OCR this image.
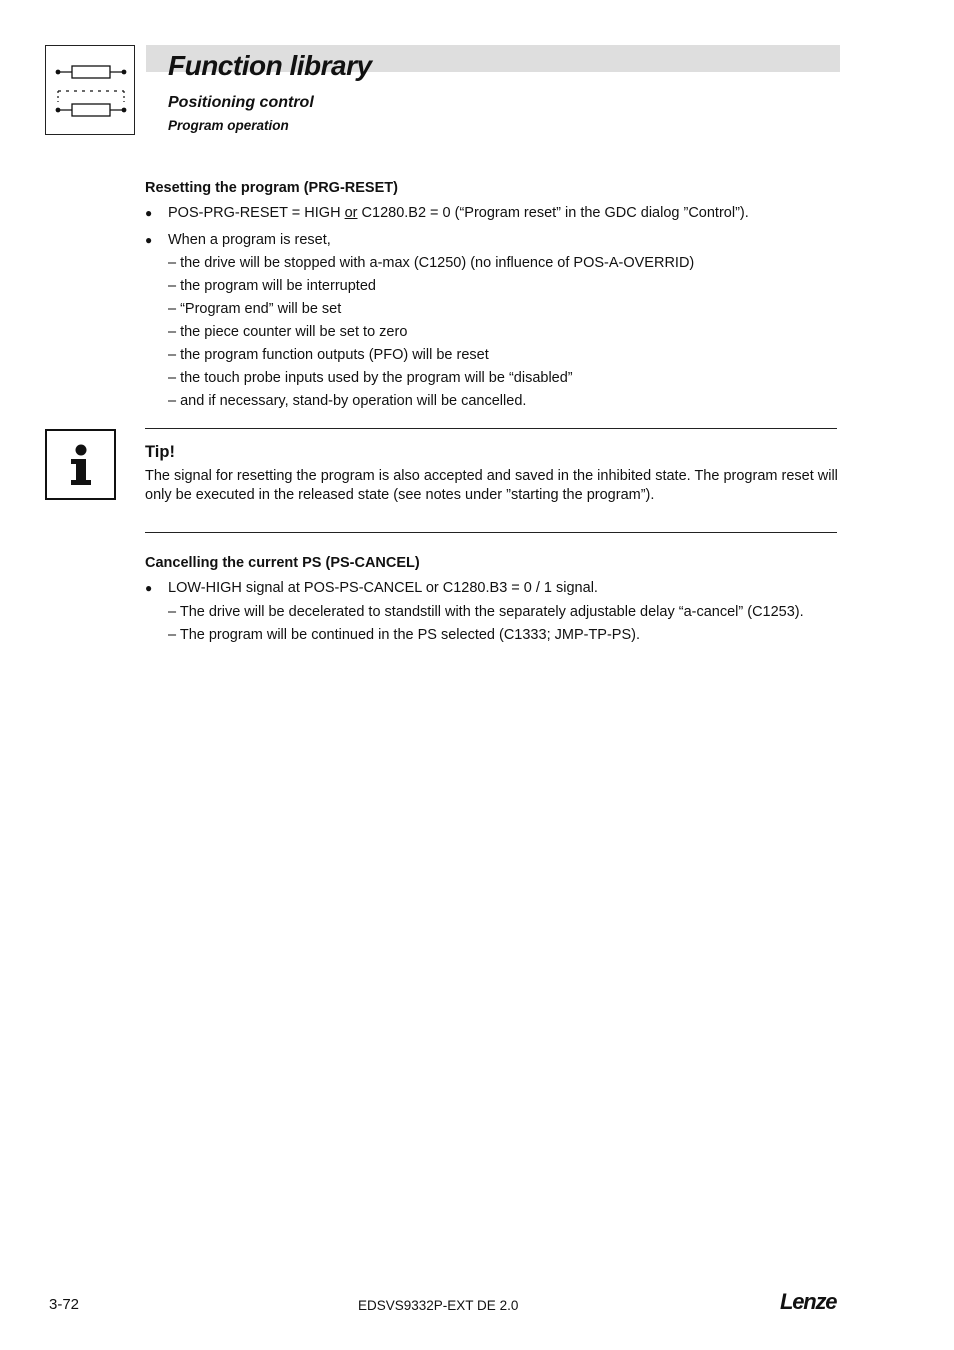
Function library
Positioning control
Program operation
Resetting the program (PRG-RESET)
● POS-PRG-RESET = HIGH or C1280.B2 = 0 (“Program reset” in the GDC dialog ”Control”).
● When a program is reset,
– the drive will be stopped with a-max (C1250) (no influence of POS-A-OVERRID)
– the program will be interrupted
– “Program end” will be set
– the piece counter will be set to zero
– the program function outputs (PFO) will be reset
– the touch probe inputs used by the program will be “disabled”
– and if necessary, stand-by operation will be cancelled.
Tip!

The signal for resetting the program is also accepted and saved in the inhibited state. The program reset will only be executed in the released state (see notes under ”starting the program”).

Cancelling the current PS (PS-CANCEL)
● LOW-HIGH signal at POS-PS-CANCEL or C1280.B3 = 0 / 1 signal.
– The drive will be decelerated to standstill with the separately adjustable delay “a-cancel” (C1253).
– The program will be continued in the PS selected (C1333; JMP-TP-PS).
3-72	EDSVS9332P-EXT DE 2.0	Lenze
